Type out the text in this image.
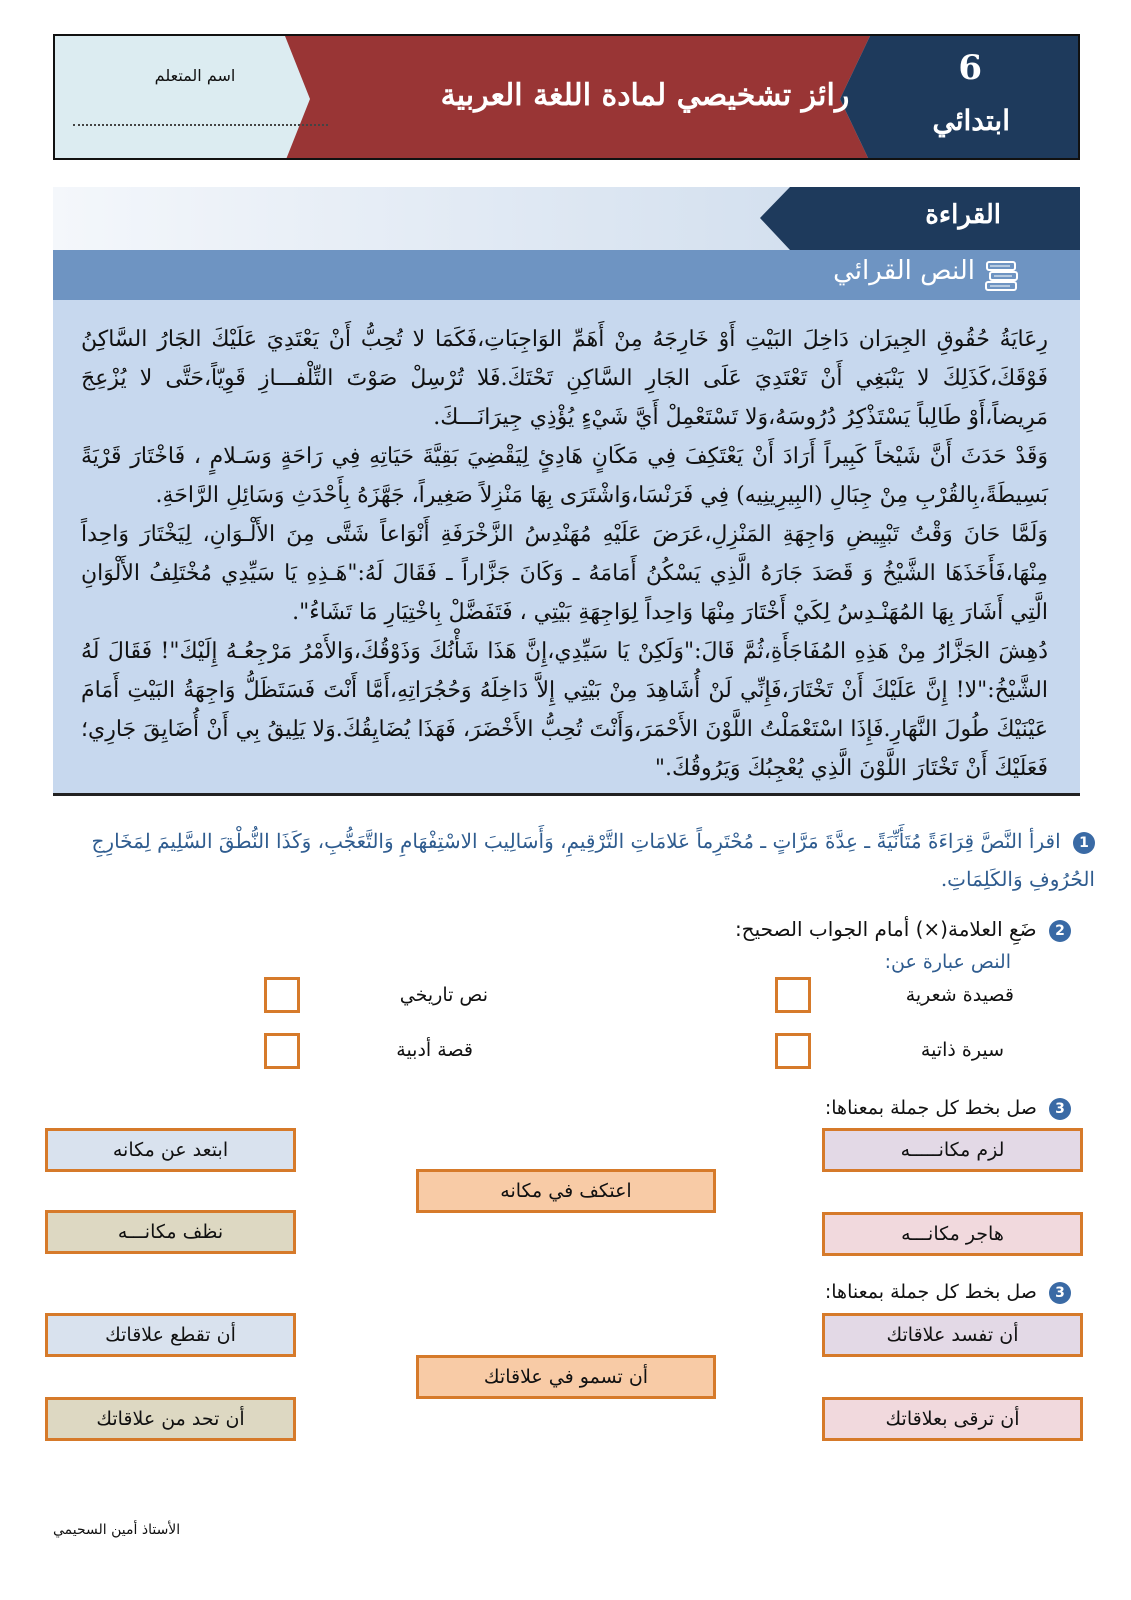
6
ابتدائي
رائز تشخيصي لمادة اللغة العربية
اسم المتعلم
القراءة
النص القرائي

رِعَايَةُ حُقُوقِ الجِيرَان دَاخِلَ البَيْتِ أَوْ خَارِجَهُ مِنْ أَهَمِّ الوَاجِبَاتِ،فَكَمَا لا تُحِبُّ أَنْ يَعْتَدِيَ عَلَيْكَ الجَارُ السَّاكِنُ فَوْقَكَ،كَذَلِكَ لا يَنْبَغِي أَنْ تَعْتَدِيَ عَلَى الجَارِ السَّاكِنِ تَحْتَكَ.فَلا تُرْسِلْ صَوْتَ التِّلْفـــازِ قَوِيّاً،حَتَّى لا يُزْعِجَ مَرِيضاً،أَوْ طَالِباً يَسْتَذْكِرُ دُرُوسَهُ،وَلا تَسْتَعْمِلْ أَيَّ شَيْءٍ يُؤْذِي جِيرَانَـــكَ.

وَقَدْ حَدَثَ أَنَّ شَيْخاً كَبِيراً أَرَادَ أَنْ يَعْتَكِفَ فِي مَكَانٍ هَادِئٍ لِيَقْضِيَ بَقِيَّةَ حَيَاتِهِ فِي رَاحَةٍ وَسَـلامٍ ، فَاخْتَارَ قَرْيَةً بَسِيطَةً،بِالقُرْبِ مِنْ جِبَالِ (البِيرِينِيه) فِي فَرَنْسَا،وَاشْتَرَى بِهَا مَنْزِلاً صَغِيراً، جَهَّزَهُ بِأَحْدَثِ وَسَائِلِ الرَّاحَةِ.

وَلَمَّا حَانَ وَقْتُ تَبْيِيضِ وَاجِهَةِ المَنْزِلِ،عَرَضَ عَلَيْهِ مُهَنْدِسُ الزَّخْرَفَةِ أَنْوَاعاً شَتَّى مِنَ الأَلْـوَانِ، لِيَخْتَارَ وَاحِداً مِنْهَا،فَأَخَذَهَا الشَّيْخُ وَ قَصَدَ جَارَهُ الَّذِي يَسْكُنُ أَمَامَهُ ـ وَكَانَ جَزَّاراً ـ فَقَالَ لَهُ:"هَـذِهِ يَا سَيِّدِي مُخْتَلِفُ الأَلْوَانِ الَّتِي أَشَارَ بِهَا المُهَنْـدِسُ لِكَيْ أَخْتَارَ مِنْهَا وَاحِداً لِوَاجِهَةِ بَيْتِي ، فَتَفَضَّلْ بِاخْتِيَارِ مَا تَشَاءُ".

دُهِشَ الجَزَّارُ مِنْ هَذِهِ المُفَاجَأَةِ،ثُمَّ قَالَ:"وَلَكِنْ يَا سَيِّدِي،إِنَّ هَذَا شَأْنُكَ وَذَوْقُكَ،وَالأَمْرُ مَرْجِعُـهُ إِلَيْكَ"! فَقَالَ لَهُ الشَّيْخُ:"لا! إِنَّ عَلَيْكَ أَنْ تَخْتَارَ،فَإِنِّي لَنْ أُشَاهِدَ مِنْ بَيْتِي إِلاَّ دَاخِلَهُ وَحُجُرَاتِهِ،أَمَّا أَنْتَ فَسَتَظَلُّ وَاجِهَةُ البَيْتِ أَمَامَ عَيْنَيْكَ طُولَ النَّهَارِ.فَإِذَا اسْتَعْمَلْتُ اللَّوْنَ الأَحْمَرَ،وَأَنْتَ تُحِبُّ الأَخْضَرَ، فَهَذَا يُضَايِقُكَ.وَلا يَلِيقُ بِي أَنْ أُضَايِقَ جَارِي؛فَعَلَيْكَ أَنْ تَخْتَارَ اللَّوْنَ الَّذِي يُعْجِبُكَ وَيَرُوقُكَ."

1 اقرأ النَّصَّ قِرَاءَةً مُتَأَنِّيَةً ـ عِدَّةَ مَرَّاتٍ ـ مُحْتَرِماً عَلامَاتِ التَّرْقِيمِ، وَأَسَالِيبَ الاسْتِفْهَامِ وَالتَّعَجُّبِ، وَكَذَا النُّطْقَ السَّلِيمَ لِمَخَارِجِ الحُرُوفِ وَالكَلِمَاتِ.
2 ضَعِ العلامة(×) أمام الجواب الصحيح:
النص عبارة عن:
قصيدة شعرية
نص تاريخي
سيرة ذاتية
قصة أدبية
3 صل بخط كل جملة بمعناها:
ابتعد عن مكانه	لزم مكانـــــه
اعتكف في مكانه
نظف مكانـــه	هاجر مكانـــه
3 صل بخط كل جملة بمعناها:
أن تقطع علاقاتك	أن تفسد علاقاتك
أن تسمو في علاقاتك
أن تحد من علاقاتك	أن ترقى بعلاقاتك
الأستاذ أمين السحيمي
